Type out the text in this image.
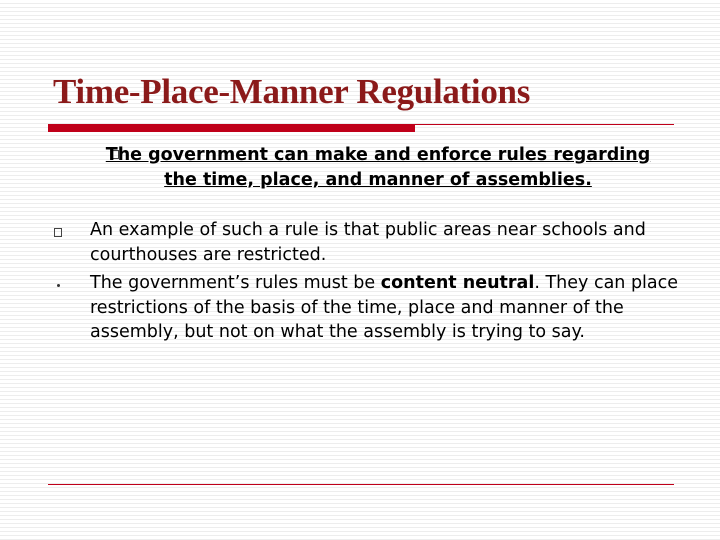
Time-Place-Manner Regulations
The government can make and enforce rules regarding the time, place, and manner of assemblies.
An example of such a rule is that public areas near schools and courthouses are restricted.
The government’s rules must be content neutral. They can place restrictions of the basis of the time, place and manner of the assembly, but not on what the assembly is trying to say.
